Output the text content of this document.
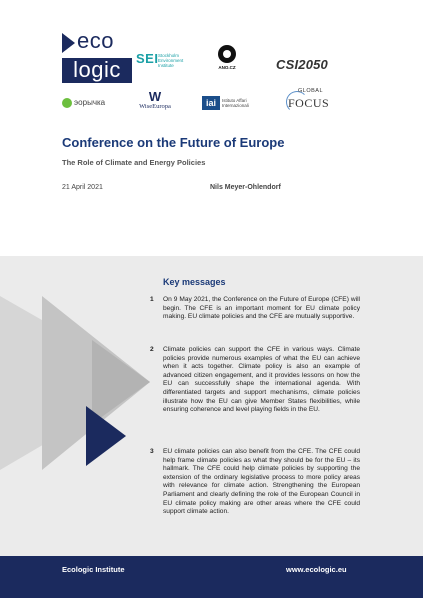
eco
logic	SEI Stockholm Environment Institute	ANO.CZ	CSI2050
эорычка	W
WiseEuropa	iai Istituto Affari Internazionali
GLOBAL
FOCUS
Conference on the Future of Europe
The Role of Climate and Energy Policies
21 April 2021	Nils Meyer-Ohlendorf
Key messages
1 On 9 May 2021, the Conference on the Future of Europe (CFE) will begin. The CFE is an important moment for EU climate policy making. EU climate policies and the CFE are mutually supportive.
2 Climate policies can support the CFE in various ways. Climate policies provide numerous examples of what the EU can achieve when it acts together. Climate policy is also an example of advanced citizen engagement, and it provides lessons on how the EU can successfully shape the international agenda. With differentiated targets and support mechanisms, climate policies illustrate how the EU can give Member States flexibilities, while ensuring coherence and level playing fields in the EU.
3 EU climate policies can also benefit from the CFE. The CFE could help frame climate policies as what they should be for the EU – its hallmark. The CFE could help climate policies by supporting the extension of the ordinary legislative process to more policy areas with relevance for climate action. Strengthening the European Parliament and clearly defining the role of the European Council in EU climate policy making are other areas where the CFE could support climate action.
Ecologic Institute	www.ecologic.eu
